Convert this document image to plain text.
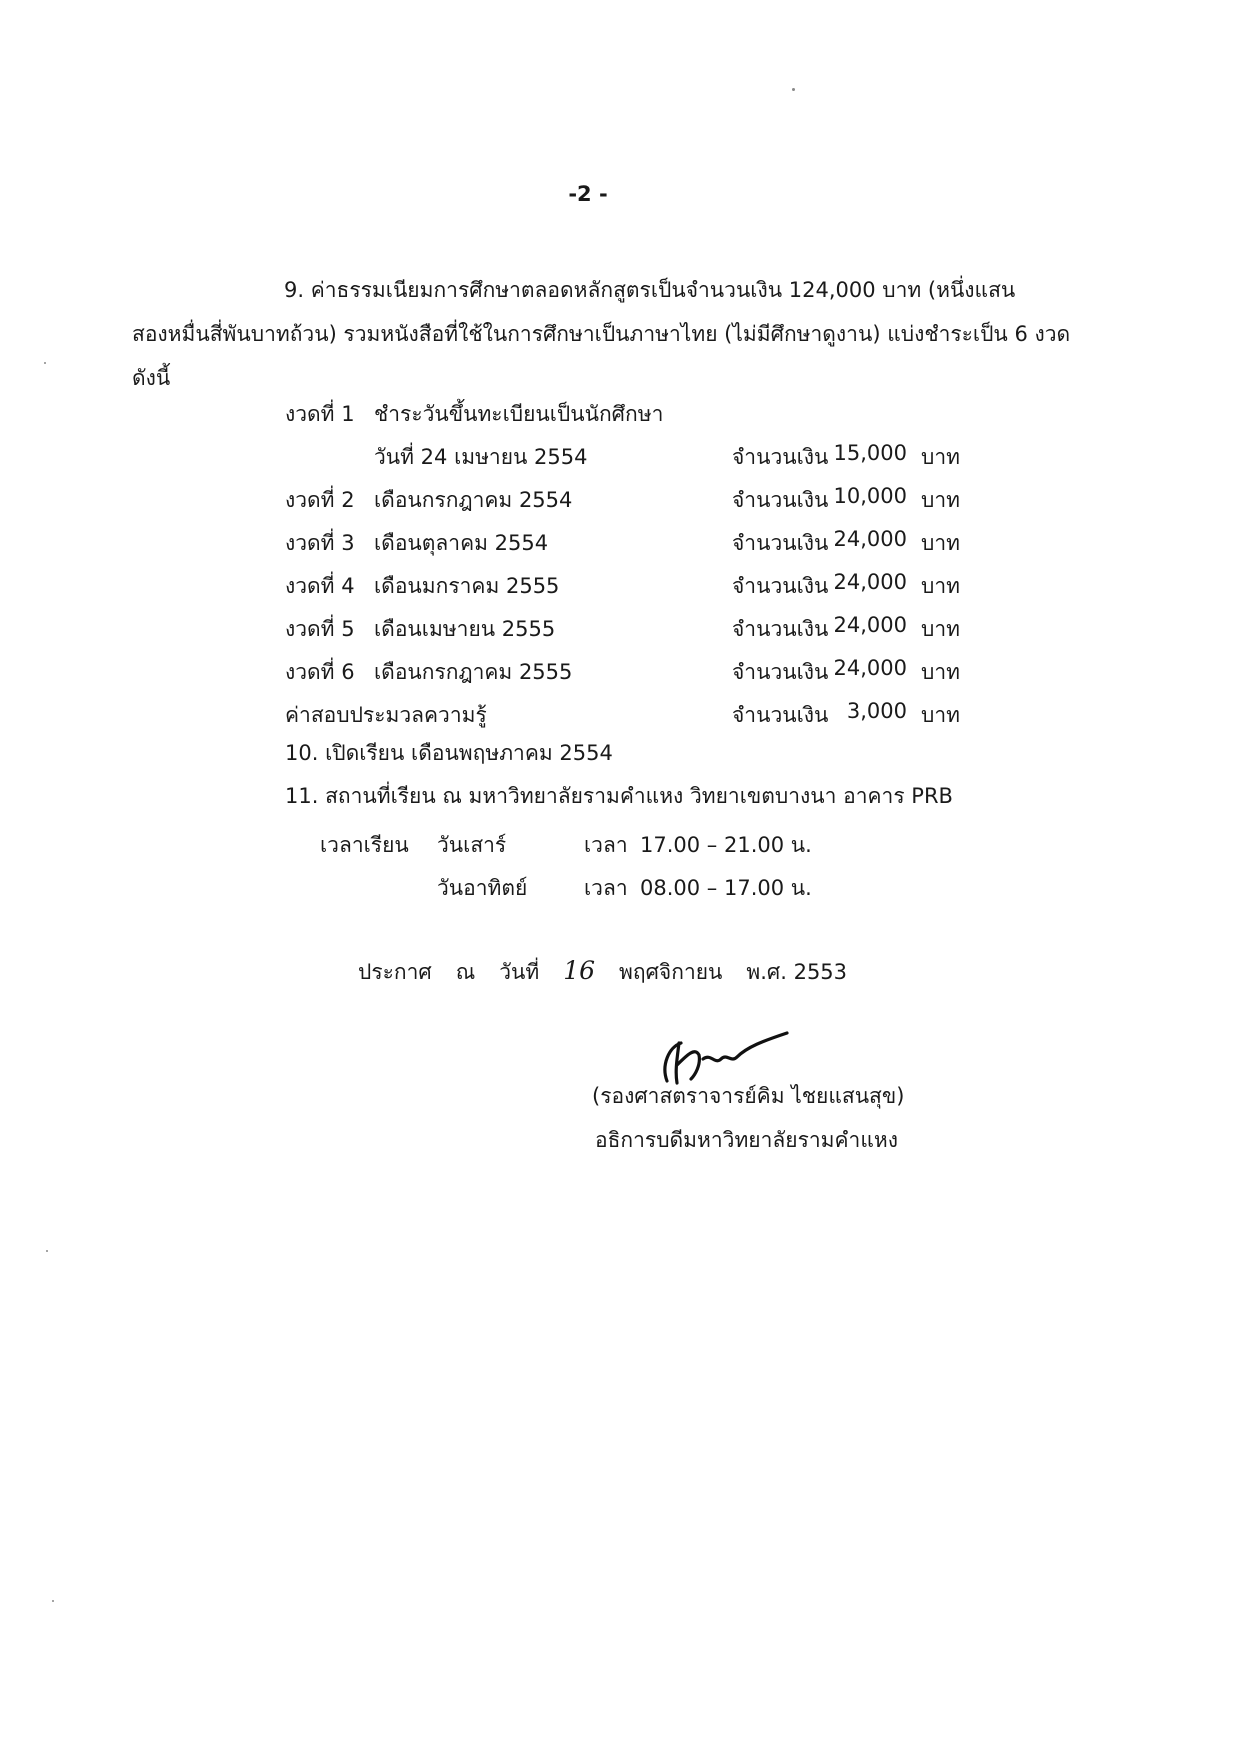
-2 -
9. ค่าธรรมเนียมการศึกษาตลอดหลักสูตรเป็นจำนวนเงิน 124,000 บาท (หนึ่งแสน
สองหมื่นสี่พันบาทถ้วน) รวมหนังสือที่ใช้ในการศึกษาเป็นภาษาไทย (ไม่มีศึกษาดูงาน) แบ่งชำระเป็น 6 งวด
ดังนี้
งวดที่ 1 ชำระวันขึ้นทะเบียนเป็นนักศึกษา
วันที่ 24 เมษายน 2554	จำนวนเงิน 15,000 บาท
งวดที่ 2 เดือนกรกฎาคม 2554	จำนวนเงิน 10,000 บาท
งวดที่ 3 เดือนตุลาคม 2554	จำนวนเงิน 24,000 บาท
งวดที่ 4 เดือนมกราคม 2555	จำนวนเงิน 24,000 บาท
งวดที่ 5 เดือนเมษายน 2555	จำนวนเงิน 24,000 บาท
งวดที่ 6 เดือนกรกฎาคม 2555	จำนวนเงิน 24,000 บาท
ค่าสอบประมวลความรู้	จำนวนเงิน 3,000 บาท
10. เปิดเรียน เดือนพฤษภาคม 2554
11. สถานที่เรียน ณ มหาวิทยาลัยรามคำแหง วิทยาเขตบางนา อาคาร PRB
เวลาเรียน วันเสาร์	เวลา 17.00 – 21.00 น.
วันอาทิตย์	เวลา 08.00 – 17.00 น.
ประกาศ ณ วันที่ 16 พฤศจิกายน พ.ศ. 2553
(รองศาสตราจารย์คิม ไชยแสนสุข)
อธิการบดีมหาวิทยาลัยรามคำแหง
